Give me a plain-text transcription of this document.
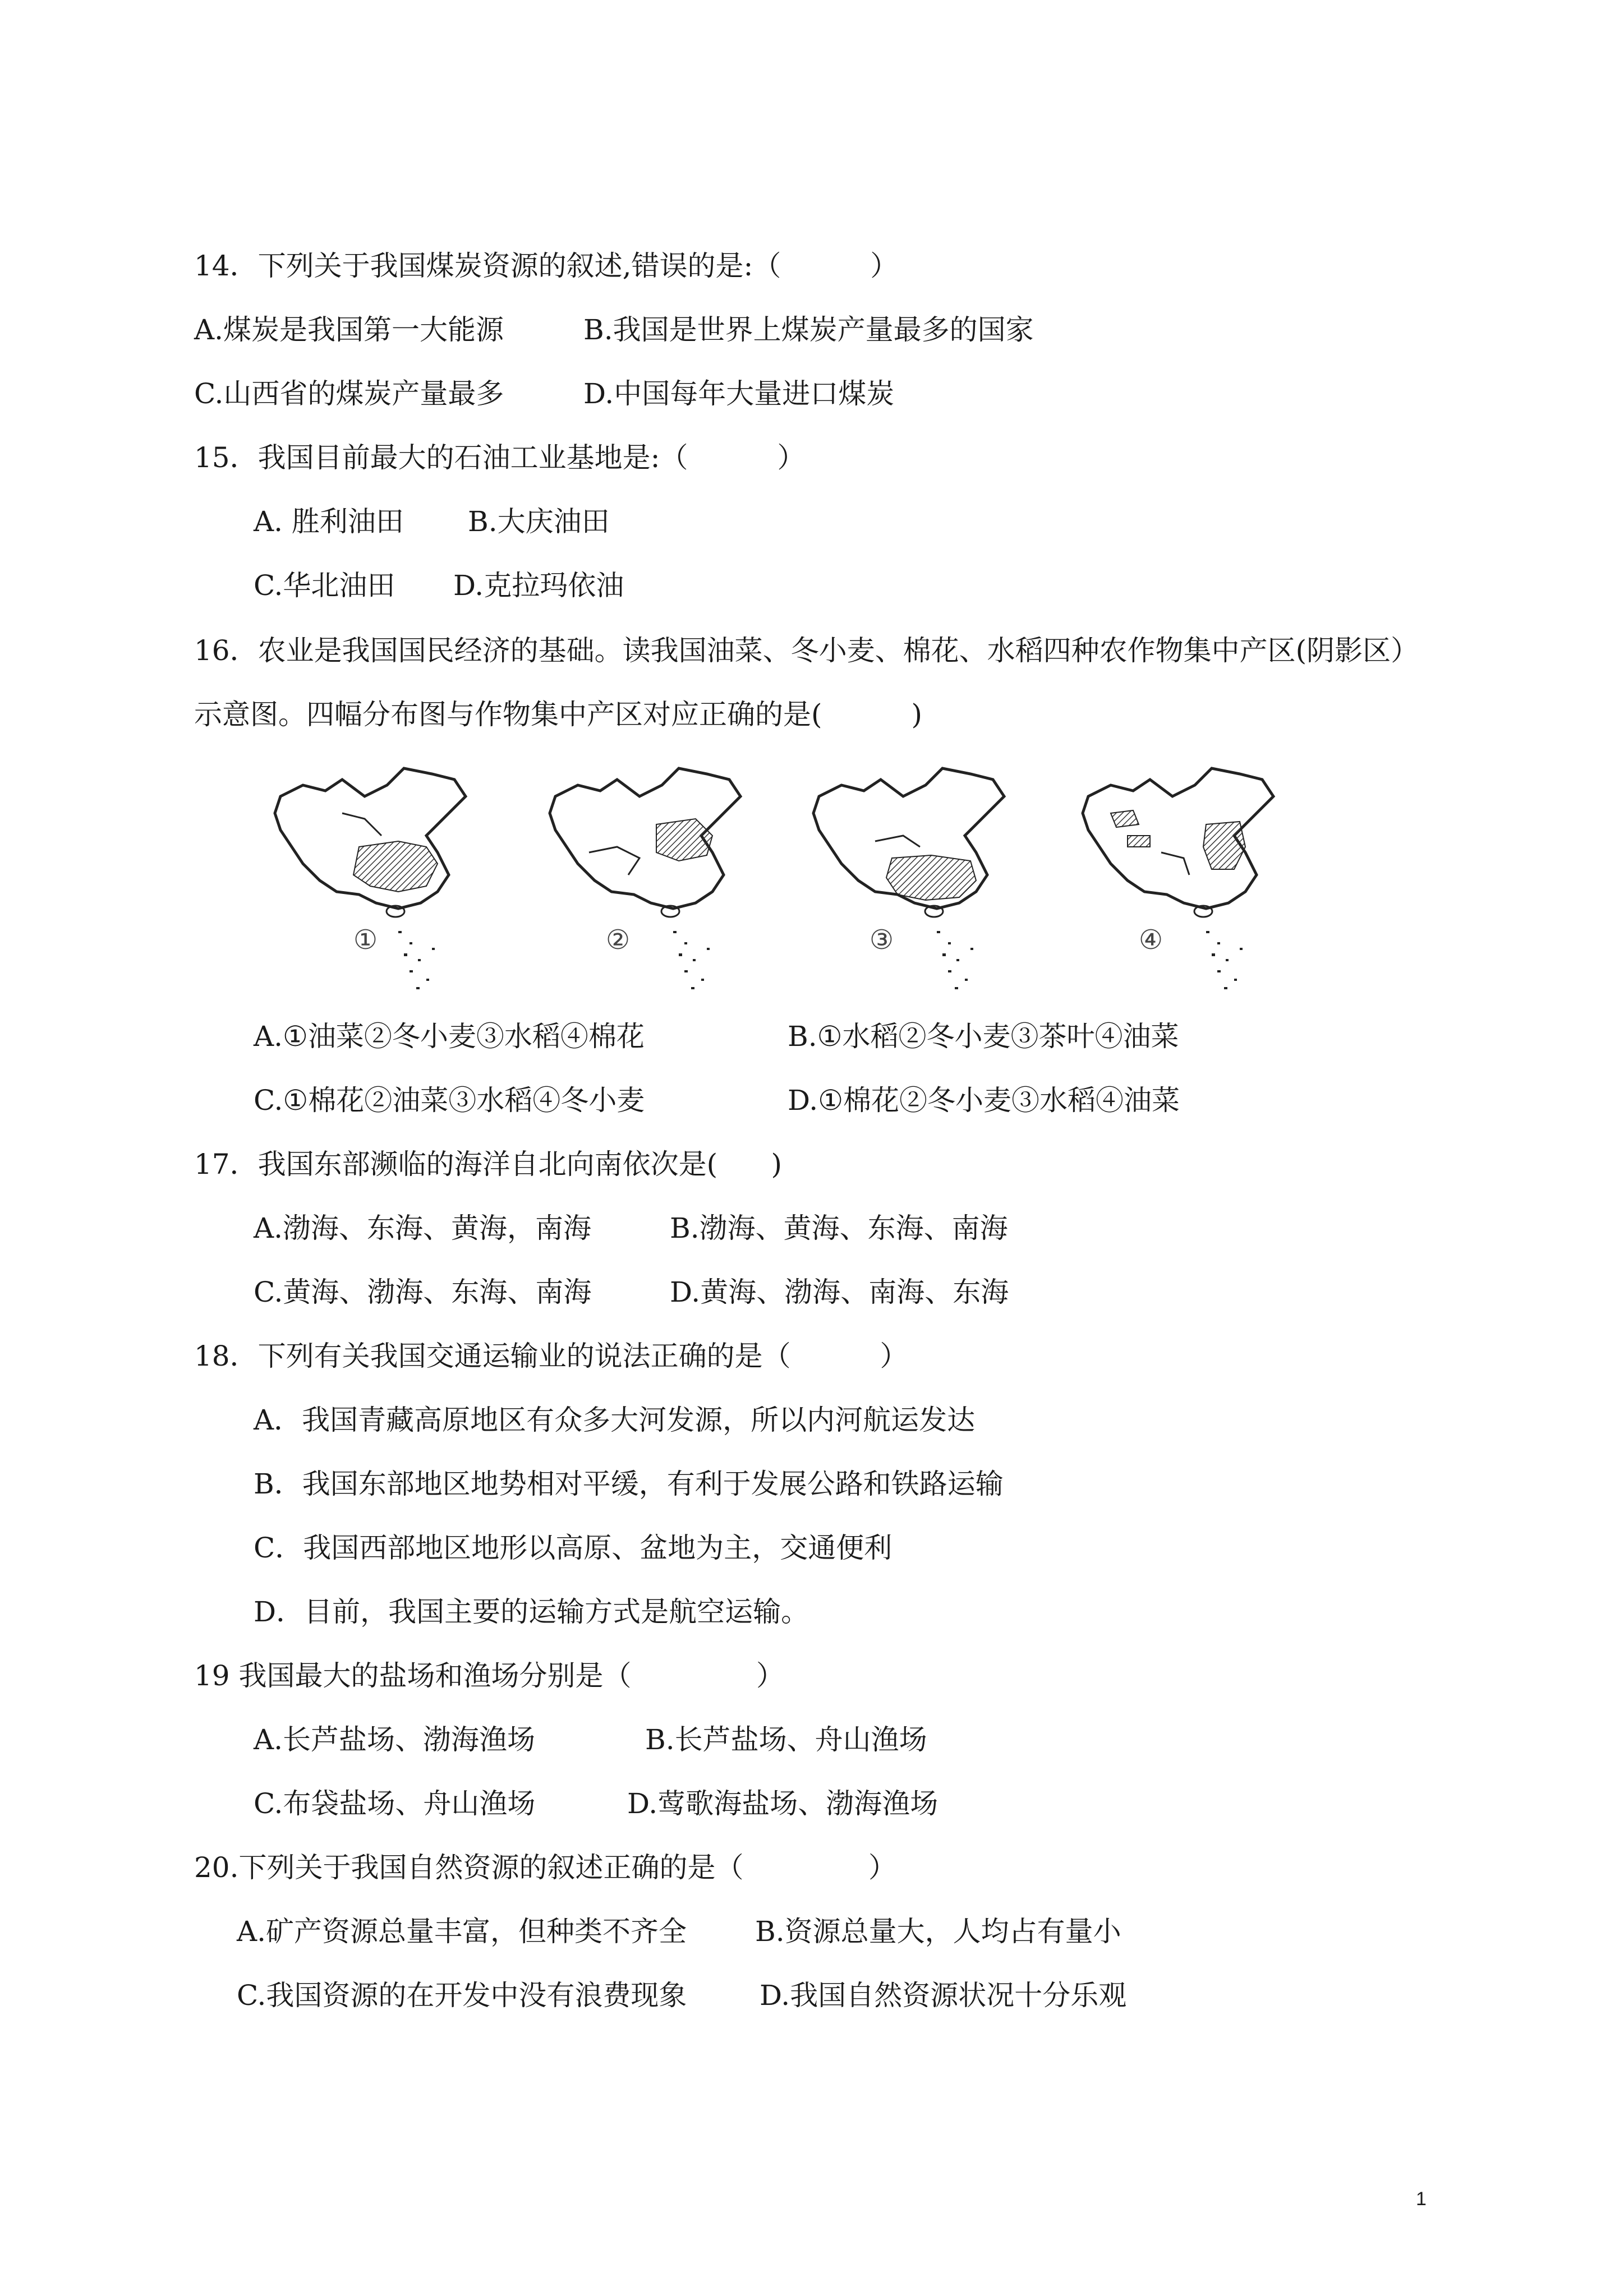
14．下列关于我国煤炭资源的叙述,错误的是:（          ）
A.煤炭是我国第一大能源	B.我国是世界上煤炭产量最多的国家
C.山西省的煤炭产量最多	D.中国每年大量进口煤炭
15．我国目前最大的石油工业基地是:（          ）
A. 胜利油田 B.大庆油田
C.华北油田 D.克拉玛依油
16．农业是我国国民经济的基础。读我国油菜、冬小麦、棉花、水稻四种农作物集中产区(阴影区）
示意图。四幅分布图与作物集中产区对应正确的是(          )
①	②	③	④
A.①油菜②冬小麦③水稻④棉花	B.①水稻②冬小麦③茶叶④油菜
C.①棉花②油菜③水稻④冬小麦	D.①棉花②冬小麦③水稻④油菜
17．我国东部濒临的海洋自北向南依次是(      )
A.渤海、东海、黄海，南海	B.渤海、黄海、东海、南海
C.黄海、渤海、东海、南海	D.黄海、渤海、南海、东海
18．下列有关我国交通运输业的说法正确的是（          ）
A．我国青藏高原地区有众多大河发源，所以内河航运发达
B．我国东部地区地势相对平缓，有利于发展公路和铁路运输
C．我国西部地区地形以高原、盆地为主，交通便利
D．目前，我国主要的运输方式是航空运输。
19 我国最大的盐场和渔场分别是（              ）
A.长芦盐场、渤海渔场	B.长芦盐场、舟山渔场
C.布袋盐场、舟山渔场	D.莺歌海盐场、渤海渔场
20.下列关于我国自然资源的叙述正确的是（              ）
A.矿产资源总量丰富，但种类不齐全 B.资源总量大，人均占有量小
C.我国资源的在开发中没有浪费现象	D.我国自然资源状况十分乐观
1
